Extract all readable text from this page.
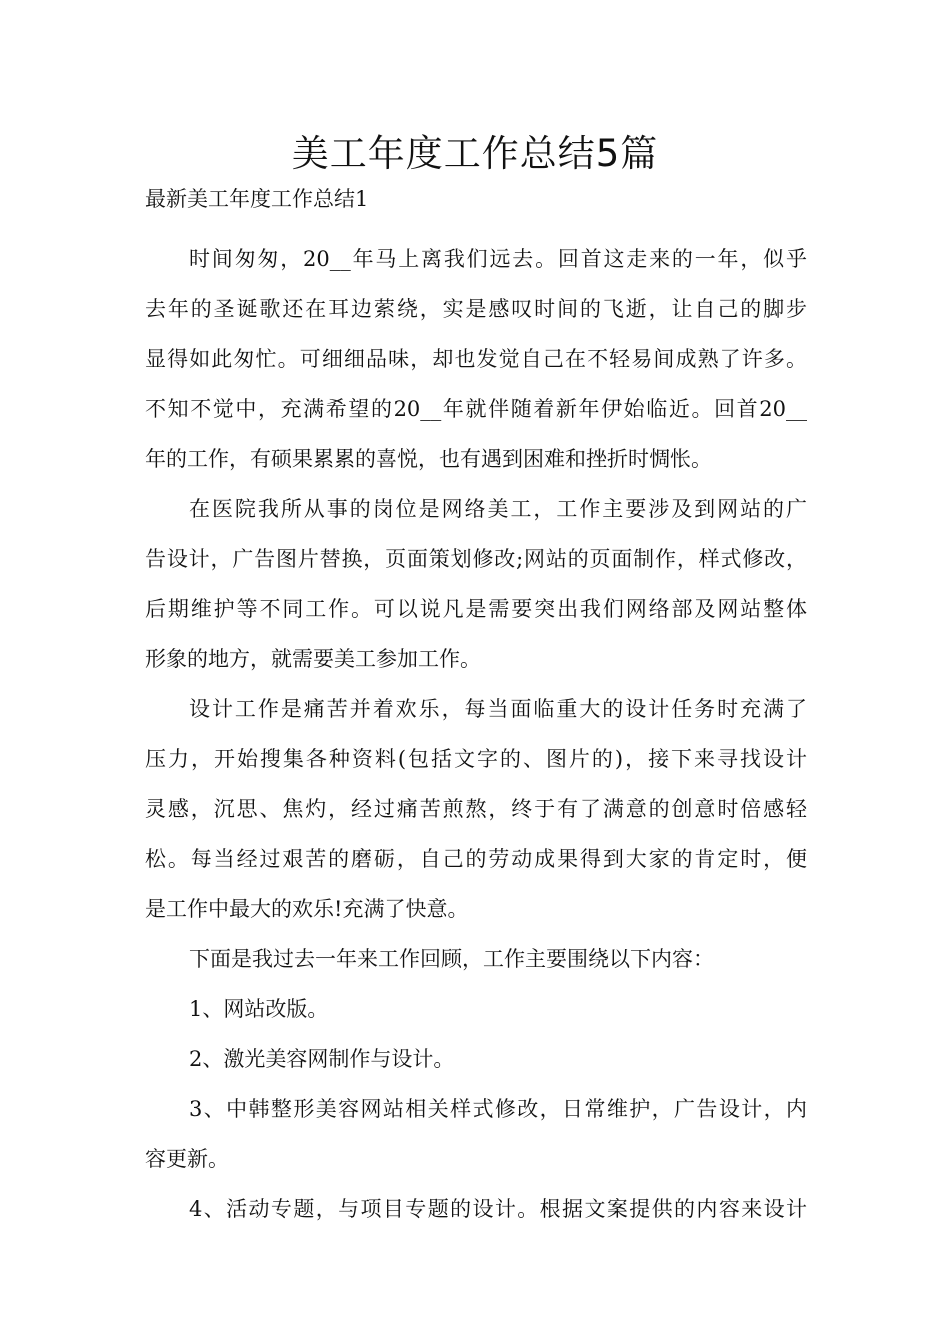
美工年度工作总结5篇

最新美工年度工作总结1

时间匆匆，20__年马上离我们远去。回首这走来的一年，似乎
去年的圣诞歌还在耳边萦绕，实是感叹时间的飞逝，让自己的脚步
显得如此匆忙。可细细品味，却也发觉自己在不轻易间成熟了许多。
不知不觉中，充满希望的20__年就伴随着新年伊始临近。回首20__
年的工作，有硕果累累的喜悦，也有遇到困难和挫折时惆怅。
在医院我所从事的岗位是网络美工，工作主要涉及到网站的广
告设计，广告图片替换，页面策划修改;网站的页面制作，样式修改，
后期维护等不同工作。可以说凡是需要突出我们网络部及网站整体
形象的地方，就需要美工参加工作。
设计工作是痛苦并着欢乐，每当面临重大的设计任务时充满了
压力，开始搜集各种资料(包括文字的、图片的)，接下来寻找设计
灵感，沉思、焦灼，经过痛苦煎熬，终于有了满意的创意时倍感轻
松。每当经过艰苦的磨砺，自己的劳动成果得到大家的肯定时，便
是工作中最大的欢乐!充满了快意。
下面是我过去一年来工作回顾，工作主要围绕以下内容：
1、网站改版。
2、激光美容网制作与设计。
3、中韩整形美容网站相关样式修改，日常维护，广告设计，内
容更新。
4、活动专题，与项目专题的设计。根据文案提供的内容来设计
